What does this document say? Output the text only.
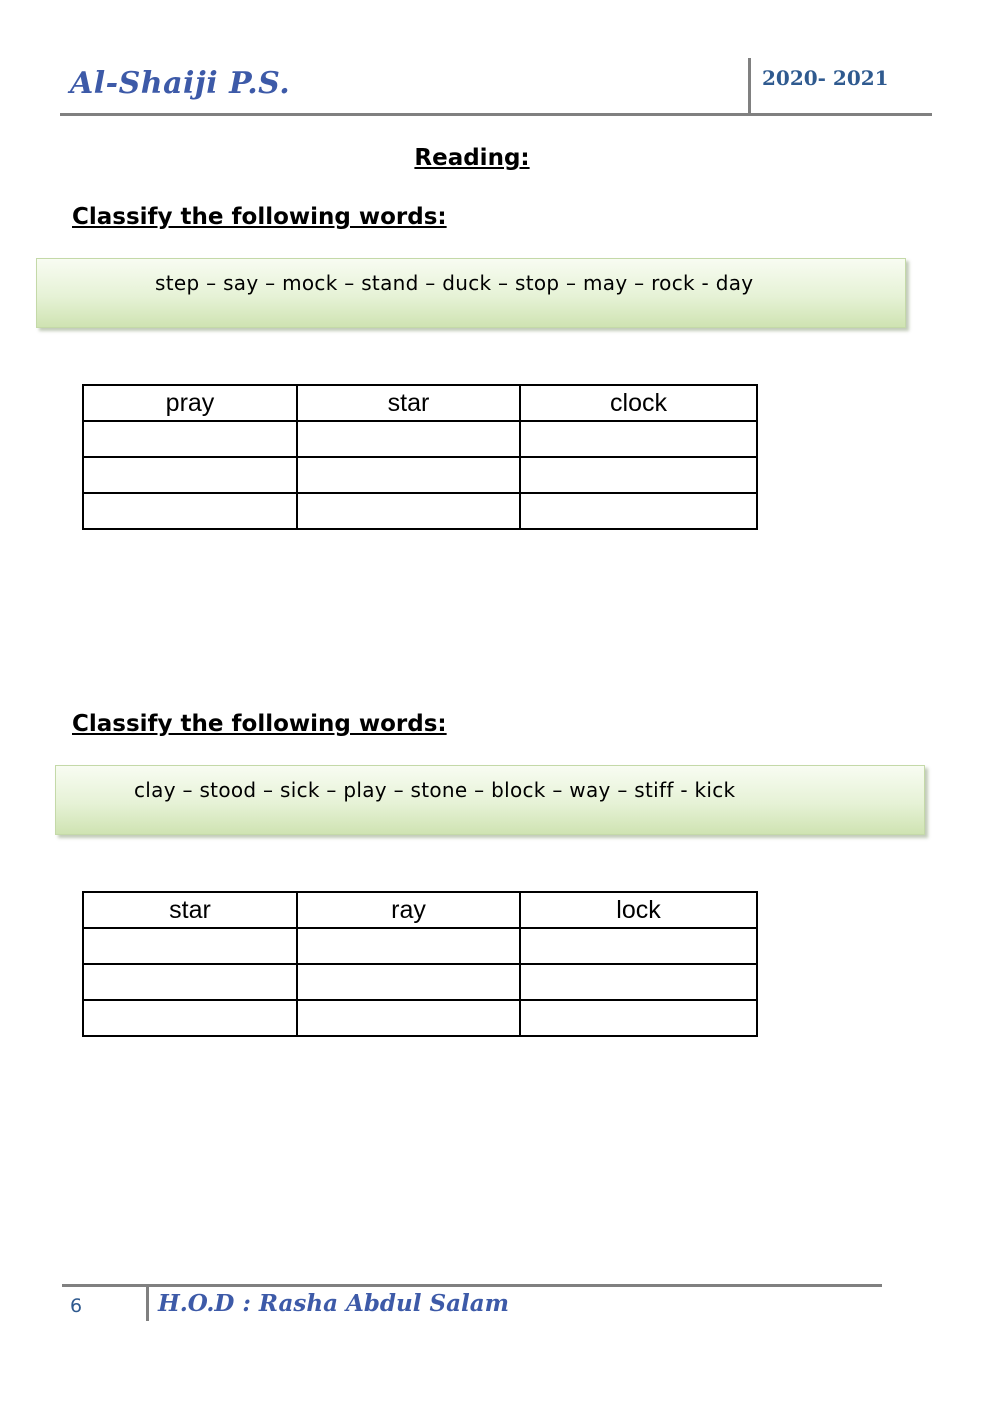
Al-Shaiji P.S.	2020- 2021
Reading:
Classify the following words:
step – say – mock – stand – duck – stop – may – rock - day
pray	star	clock

Classify the following words:
clay – stood – sick – play – stone – block – way – stiff - kick
star	ray	lock

6	H.O.D : Rasha Abdul Salam
